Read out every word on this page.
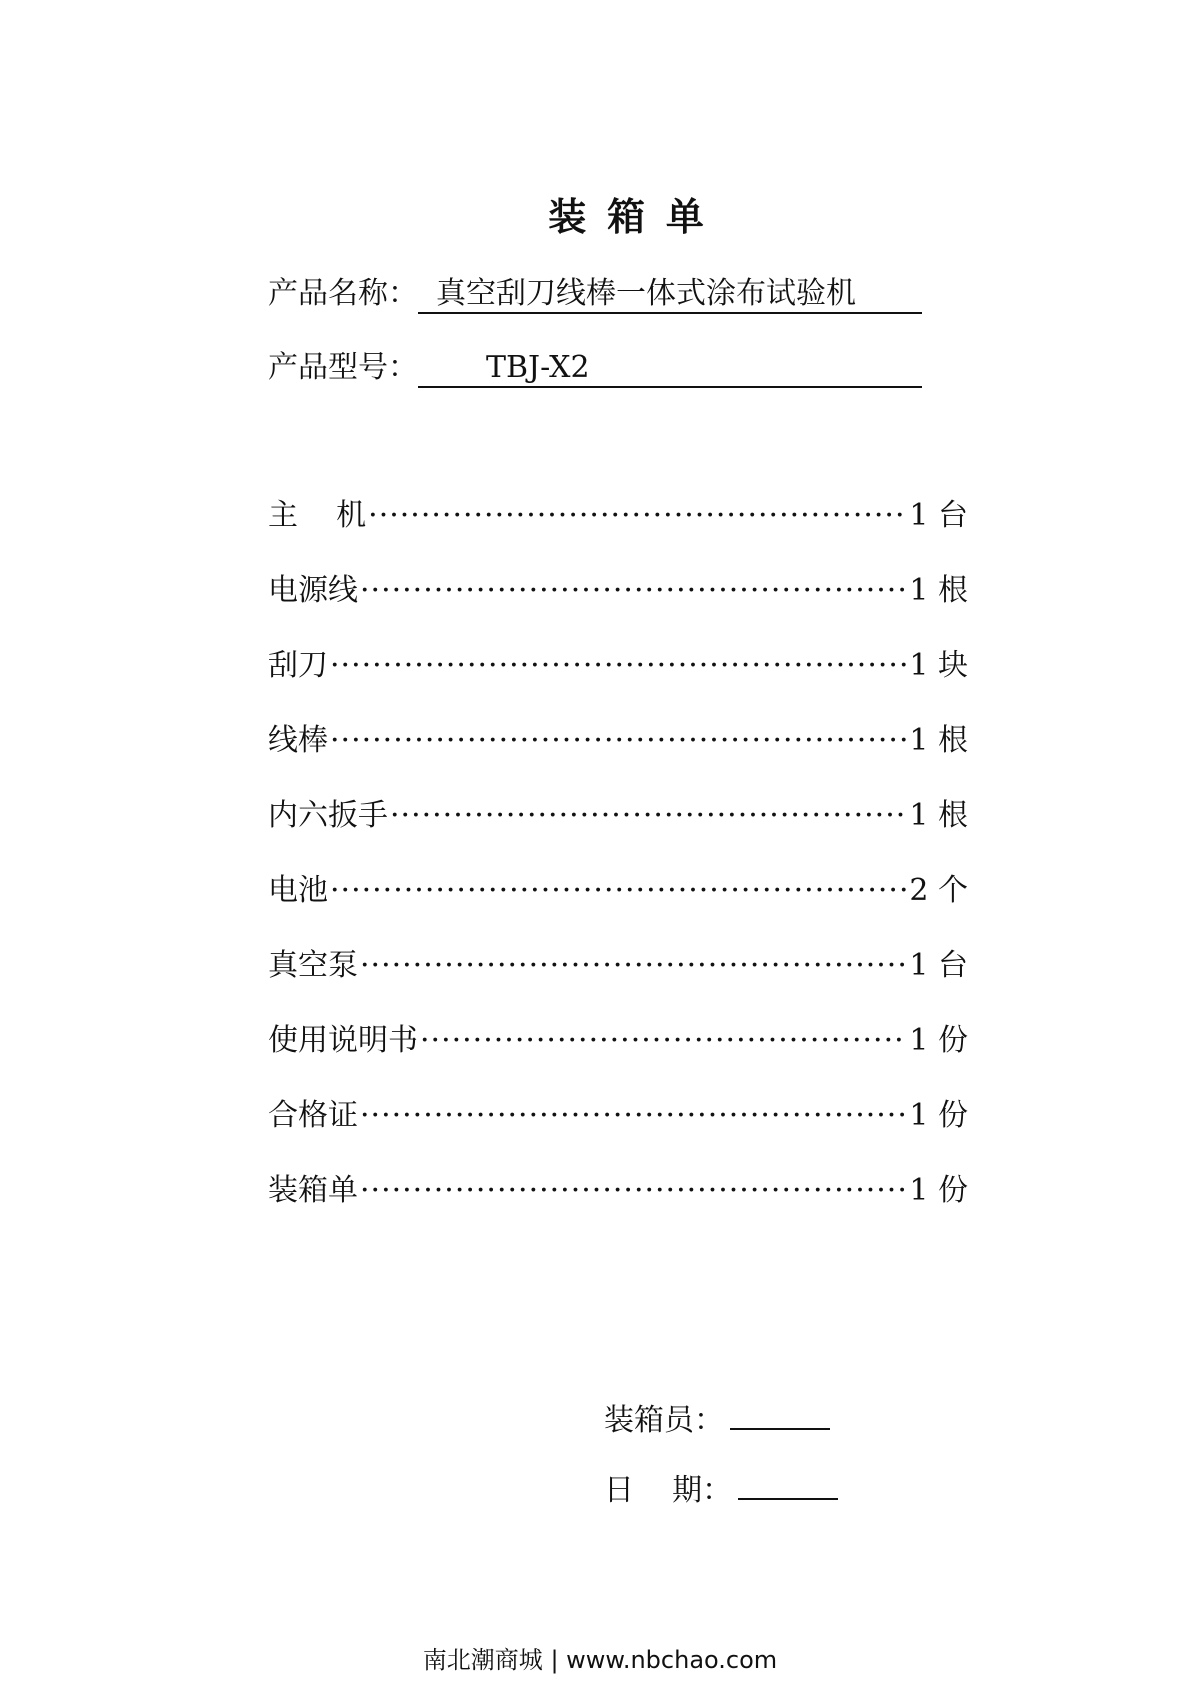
装 箱 单
产品名称： 真空刮刀线棒一体式涂布试验机
产品型号：	TBJ-X2
主    机 ·····	1 台
电源线 ·····	1 根
刮刀 ·····	1 块
线棒 ·····	1 根
内六扳手 ·····	1 根
电池 ·····	2 个
真空泵 ·····	1 台
使用说明书 ·····	1 份
合格证 ·····	1 份
装箱单 ·····	1 份
装箱员：
日    期：
南北潮商城 | www.nbchao.com
